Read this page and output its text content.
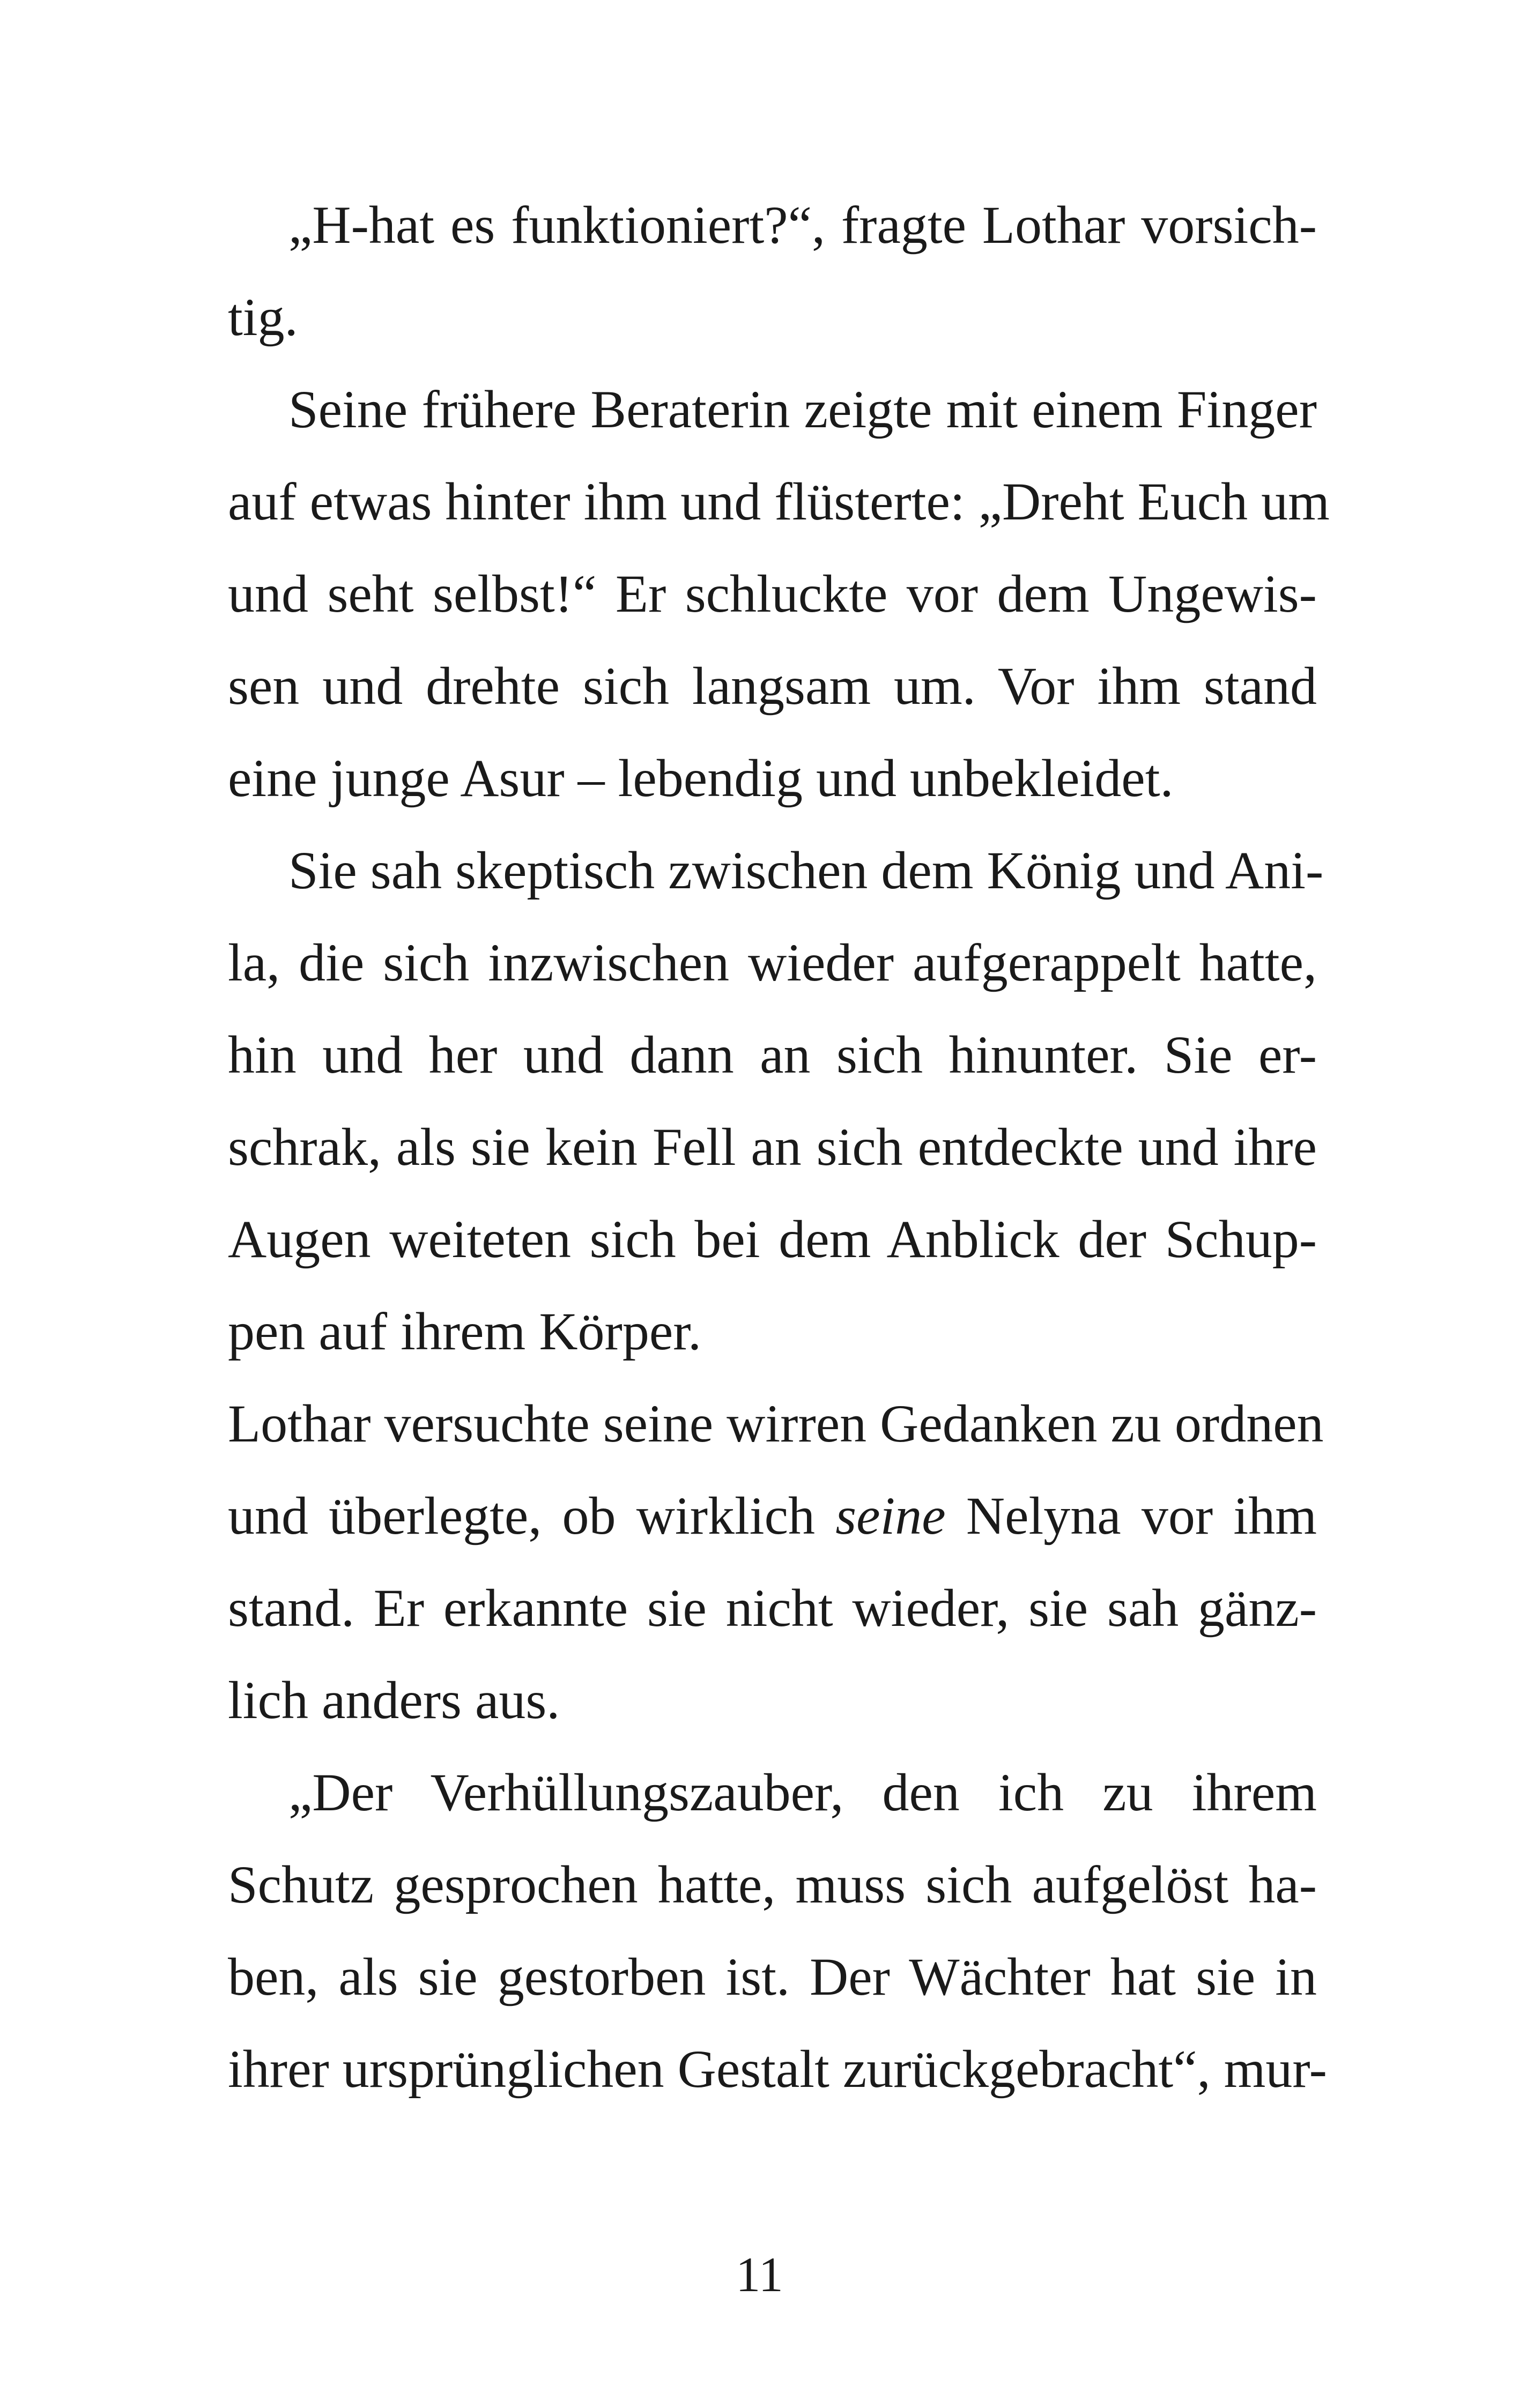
„H-hat es funktioniert?“, fragte Lothar vorsich-
tig.
Seine frühere Beraterin zeigte mit einem Finger
auf etwas hinter ihm und flüsterte: „Dreht Euch um
und seht selbst!“ Er schluckte vor dem Ungewis-
sen und drehte sich langsam um. Vor ihm stand
eine junge Asur – lebendig und unbekleidet.
Sie sah skeptisch zwischen dem König und Ani-
la, die sich inzwischen wieder aufgerappelt hatte,
hin und her und dann an sich hinunter. Sie er-
schrak, als sie kein Fell an sich entdeckte und ihre
Augen weiteten sich bei dem Anblick der Schup-
pen auf ihrem Körper.
Lothar versuchte seine wirren Gedanken zu ordnen
und überlegte, ob wirklich seine Nelyna vor ihm
stand. Er erkannte sie nicht wieder, sie sah gänz-
lich anders aus.
„Der Verhüllungszauber, den ich zu ihrem
Schutz gesprochen hatte, muss sich aufgelöst ha-
ben, als sie gestorben ist. Der Wächter hat sie in
ihrer ursprünglichen Gestalt zurückgebracht“, mur-
11
